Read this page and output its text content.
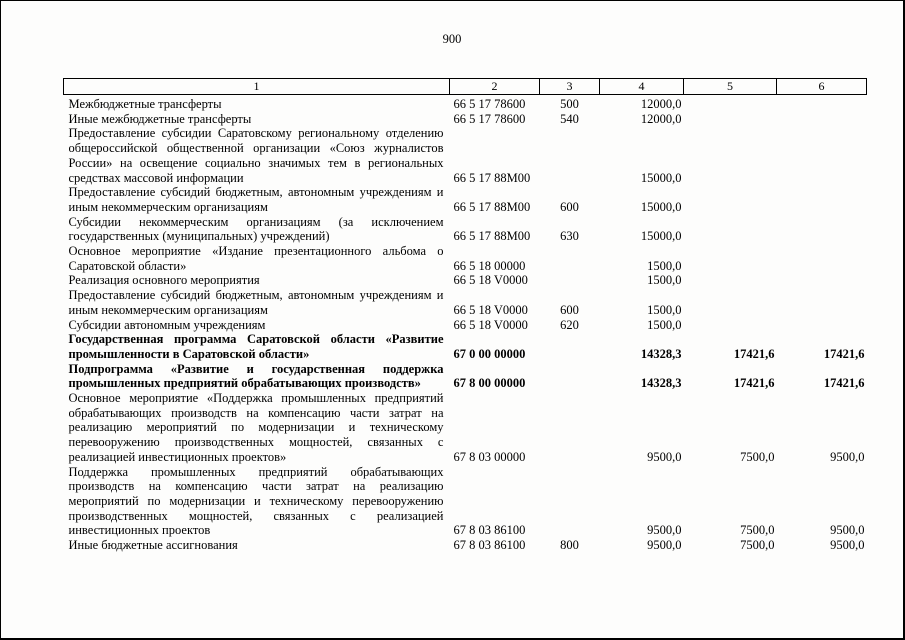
900
1	2	3	4	5	6
Межбюджетные трансферты	66 5 17 78600	500	12000,0		
Иные межбюджетные трансферты	66 5 17 78600	540	12000,0		
Предоставление субсидии Саратовскому региональному отделению общероссийской общественной организации «Союз журналистов России» на освещение социально значимых тем в региональных средствах массовой информации	66 5 17 88М00		15000,0		
Предоставление субсидий бюджетным, автономным учреждениям и иным некоммерческим организациям	66 5 17 88М00	600	15000,0		
Субсидии некоммерческим организациям (за исключением государственных (муниципальных) учреждений)	66 5 17 88М00	630	15000,0		
Основное мероприятие «Издание презентационного альбома о Саратовской области»	66 5 18 00000		1500,0		
Реализация основного мероприятия	66 5 18 V0000		1500,0		
Предоставление субсидий бюджетным, автономным учреждениям и иным некоммерческим организациям	66 5 18 V0000	600	1500,0		
Субсидии автономным учреждениям	66 5 18 V0000	620	1500,0		
Государственная программа Саратовской области «Развитие промышленности в Саратовской области»	67 0 00 00000		14328,3	17421,6	17421,6
Подпрограмма «Развитие и государственная поддержка промышленных предприятий обрабатывающих производств»	67 8 00 00000		14328,3	17421,6	17421,6
Основное мероприятие «Поддержка промышленных предприятий обрабатывающих производств на компенсацию части затрат на реализацию мероприятий по модернизации и техническому перевооружению производственных мощностей, связанных с реализацией инвестиционных проектов»	67 8 03 00000		9500,0	7500,0	9500,0
Поддержка промышленных предприятий обрабатывающих производств на компенсацию части затрат на реализацию мероприятий по модернизации и техническому перевооружению производственных мощностей, связанных с реализацией инвестиционных проектов	67 8 03 86100		9500,0	7500,0	9500,0
Иные бюджетные ассигнования	67 8 03 86100	800	9500,0	7500,0	9500,0
